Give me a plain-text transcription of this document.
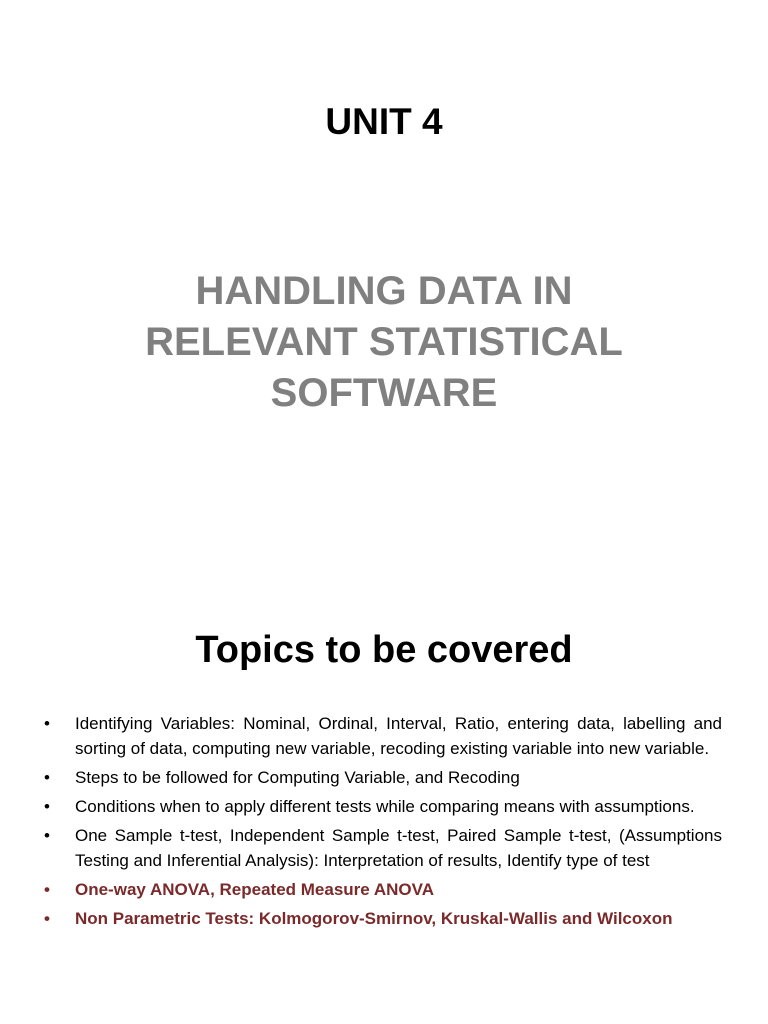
UNIT 4
HANDLING DATA IN
RELEVANT STATISTICAL
SOFTWARE
Topics to be covered
•	Identifying Variables: Nominal, Ordinal, Interval, Ratio, entering data, labelling and sorting of data, computing new variable, recoding existing variable into new variable.
•	Steps to be followed for Computing Variable, and Recoding
•	Conditions when to apply different tests while comparing means with assumptions.
•	One Sample t-test, Independent Sample t-test, Paired Sample t-test, (Assumptions Testing and Inferential Analysis): Interpretation of results, Identify type of test
•	One-way ANOVA, Repeated Measure ANOVA
•	Non Parametric Tests: Kolmogorov-Smirnov, Kruskal-Wallis and Wilcoxon
